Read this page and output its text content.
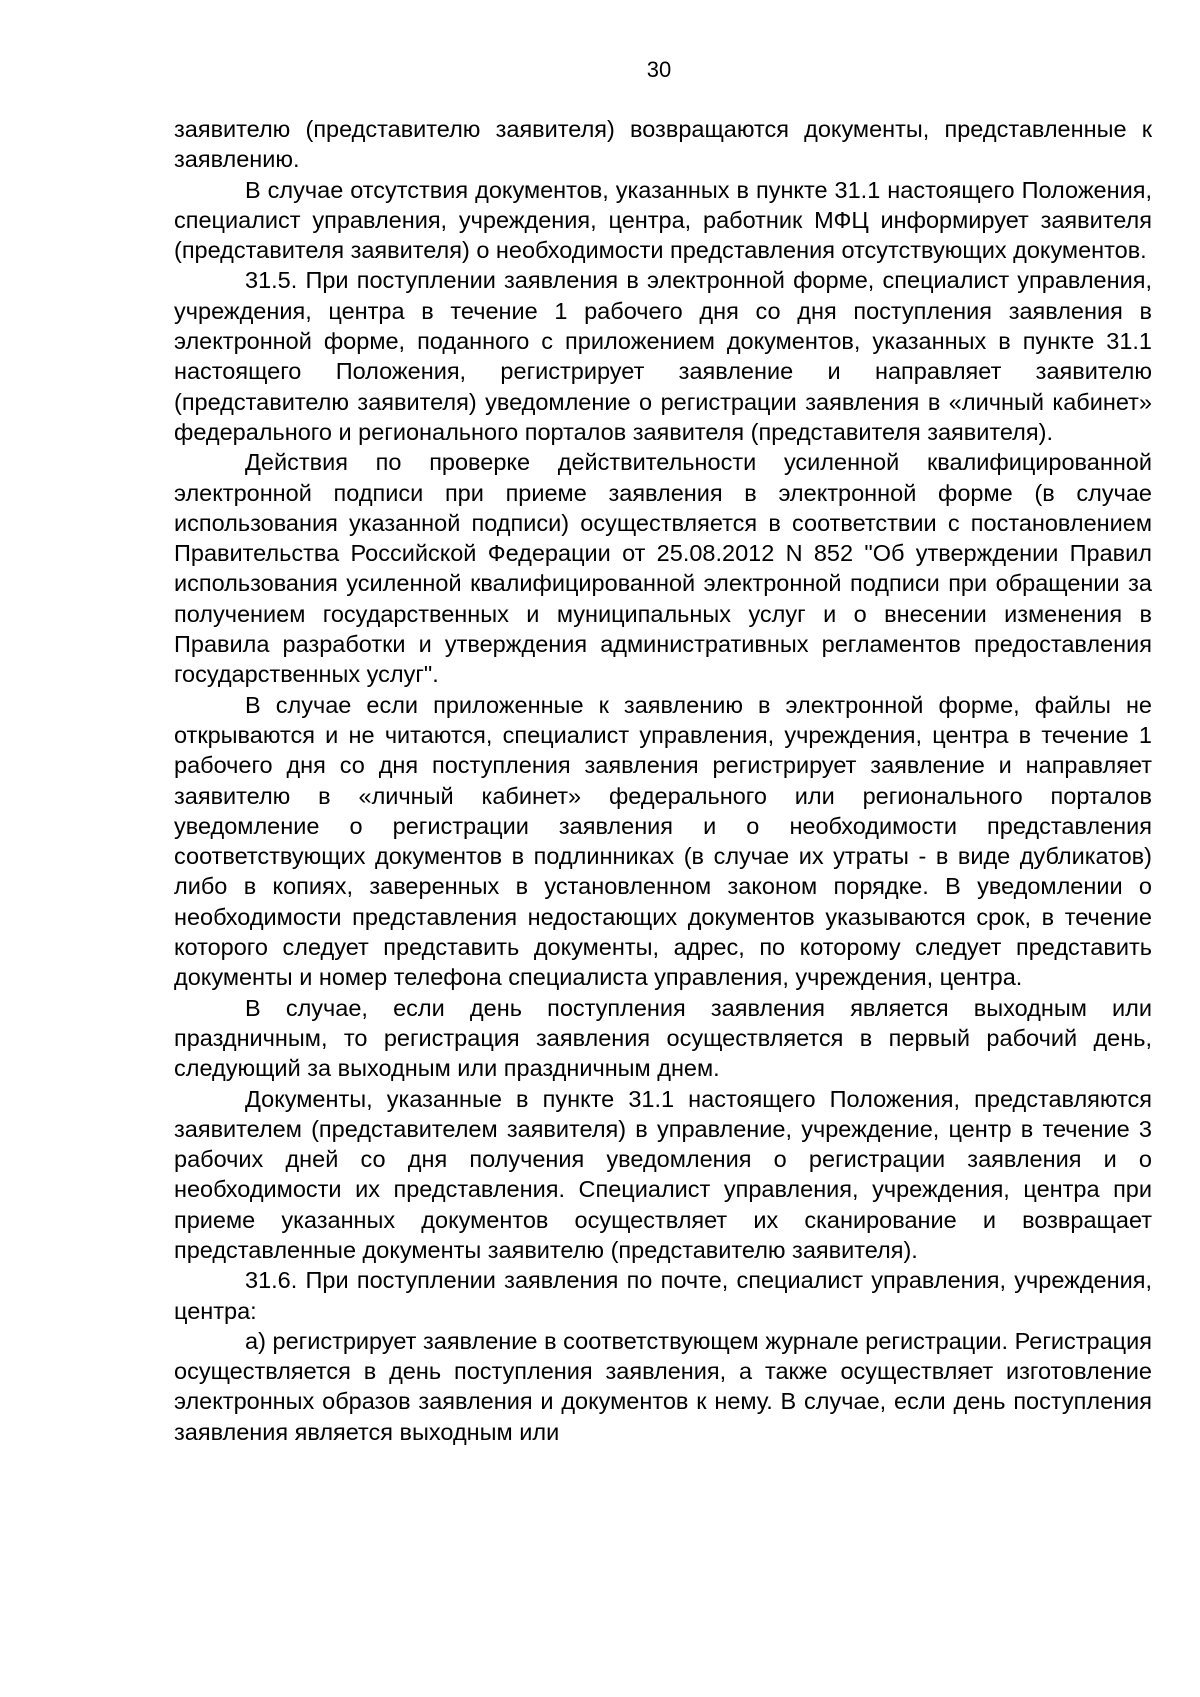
30

заявителю (представителю заявителя) возвращаются документы, представленные к заявлению.

В случае отсутствия документов, указанных в пункте 31.1 настоящего Положения, специалист управления, учреждения, центра, работник МФЦ информирует заявителя (представителя заявителя) о необходимости представления отсутствующих документов.

31.5. При поступлении заявления в электронной форме, специалист управления, учреждения, центра в течение 1 рабочего дня со дня поступления заявления в электронной форме, поданного с приложением документов, указанных в пункте 31.1 настоящего Положения, регистрирует заявление и направляет заявителю (представителю заявителя) уведомление о регистрации заявления в «личный кабинет» федерального и регионального порталов заявителя (представителя заявителя).

Действия по проверке действительности усиленной квалифицированной электронной подписи при приеме заявления в электронной форме (в случае использования указанной подписи) осуществляется в соответствии с постановлением Правительства Российской Федерации от 25.08.2012 N 852 "Об утверждении Правил использования усиленной квалифицированной электронной подписи при обращении за получением государственных и муниципальных услуг и о внесении изменения в Правила разработки и утверждения административных регламентов предоставления государственных услуг".

В случае если приложенные к заявлению в электронной форме, файлы не открываются и не читаются, специалист управления, учреждения, центра в течение 1 рабочего дня со дня поступления заявления регистрирует заявление и направляет заявителю в «личный кабинет» федерального или регионального порталов уведомление о регистрации заявления и о необходимости представления соответствующих документов в подлинниках (в случае их утраты - в виде дубликатов) либо в копиях, заверенных в установленном законом порядке. В уведомлении о необходимости представления недостающих документов указываются срок, в течение которого следует представить документы, адрес, по которому следует представить документы и номер телефона специалиста управления, учреждения, центра.

В случае, если день поступления заявления является выходным или праздничным, то регистрация заявления осуществляется в первый рабочий день, следующий за выходным или праздничным днем.

Документы, указанные в пункте 31.1 настоящего Положения, представляются заявителем (представителем заявителя) в управление, учреждение, центр в течение 3 рабочих дней со дня получения уведомления о регистрации заявления и о необходимости их представления. Специалист управления, учреждения, центра при приеме указанных документов осуществляет их сканирование и возвращает представленные документы заявителю (представителю заявителя).

31.6. При поступлении заявления по почте, специалист управления, учреждения, центра:

а) регистрирует заявление в соответствующем журнале регистрации. Регистрация осуществляется в день поступления заявления, а также осуществляет изготовление электронных образов заявления и документов к нему. В случае, если день поступления заявления является выходным или
